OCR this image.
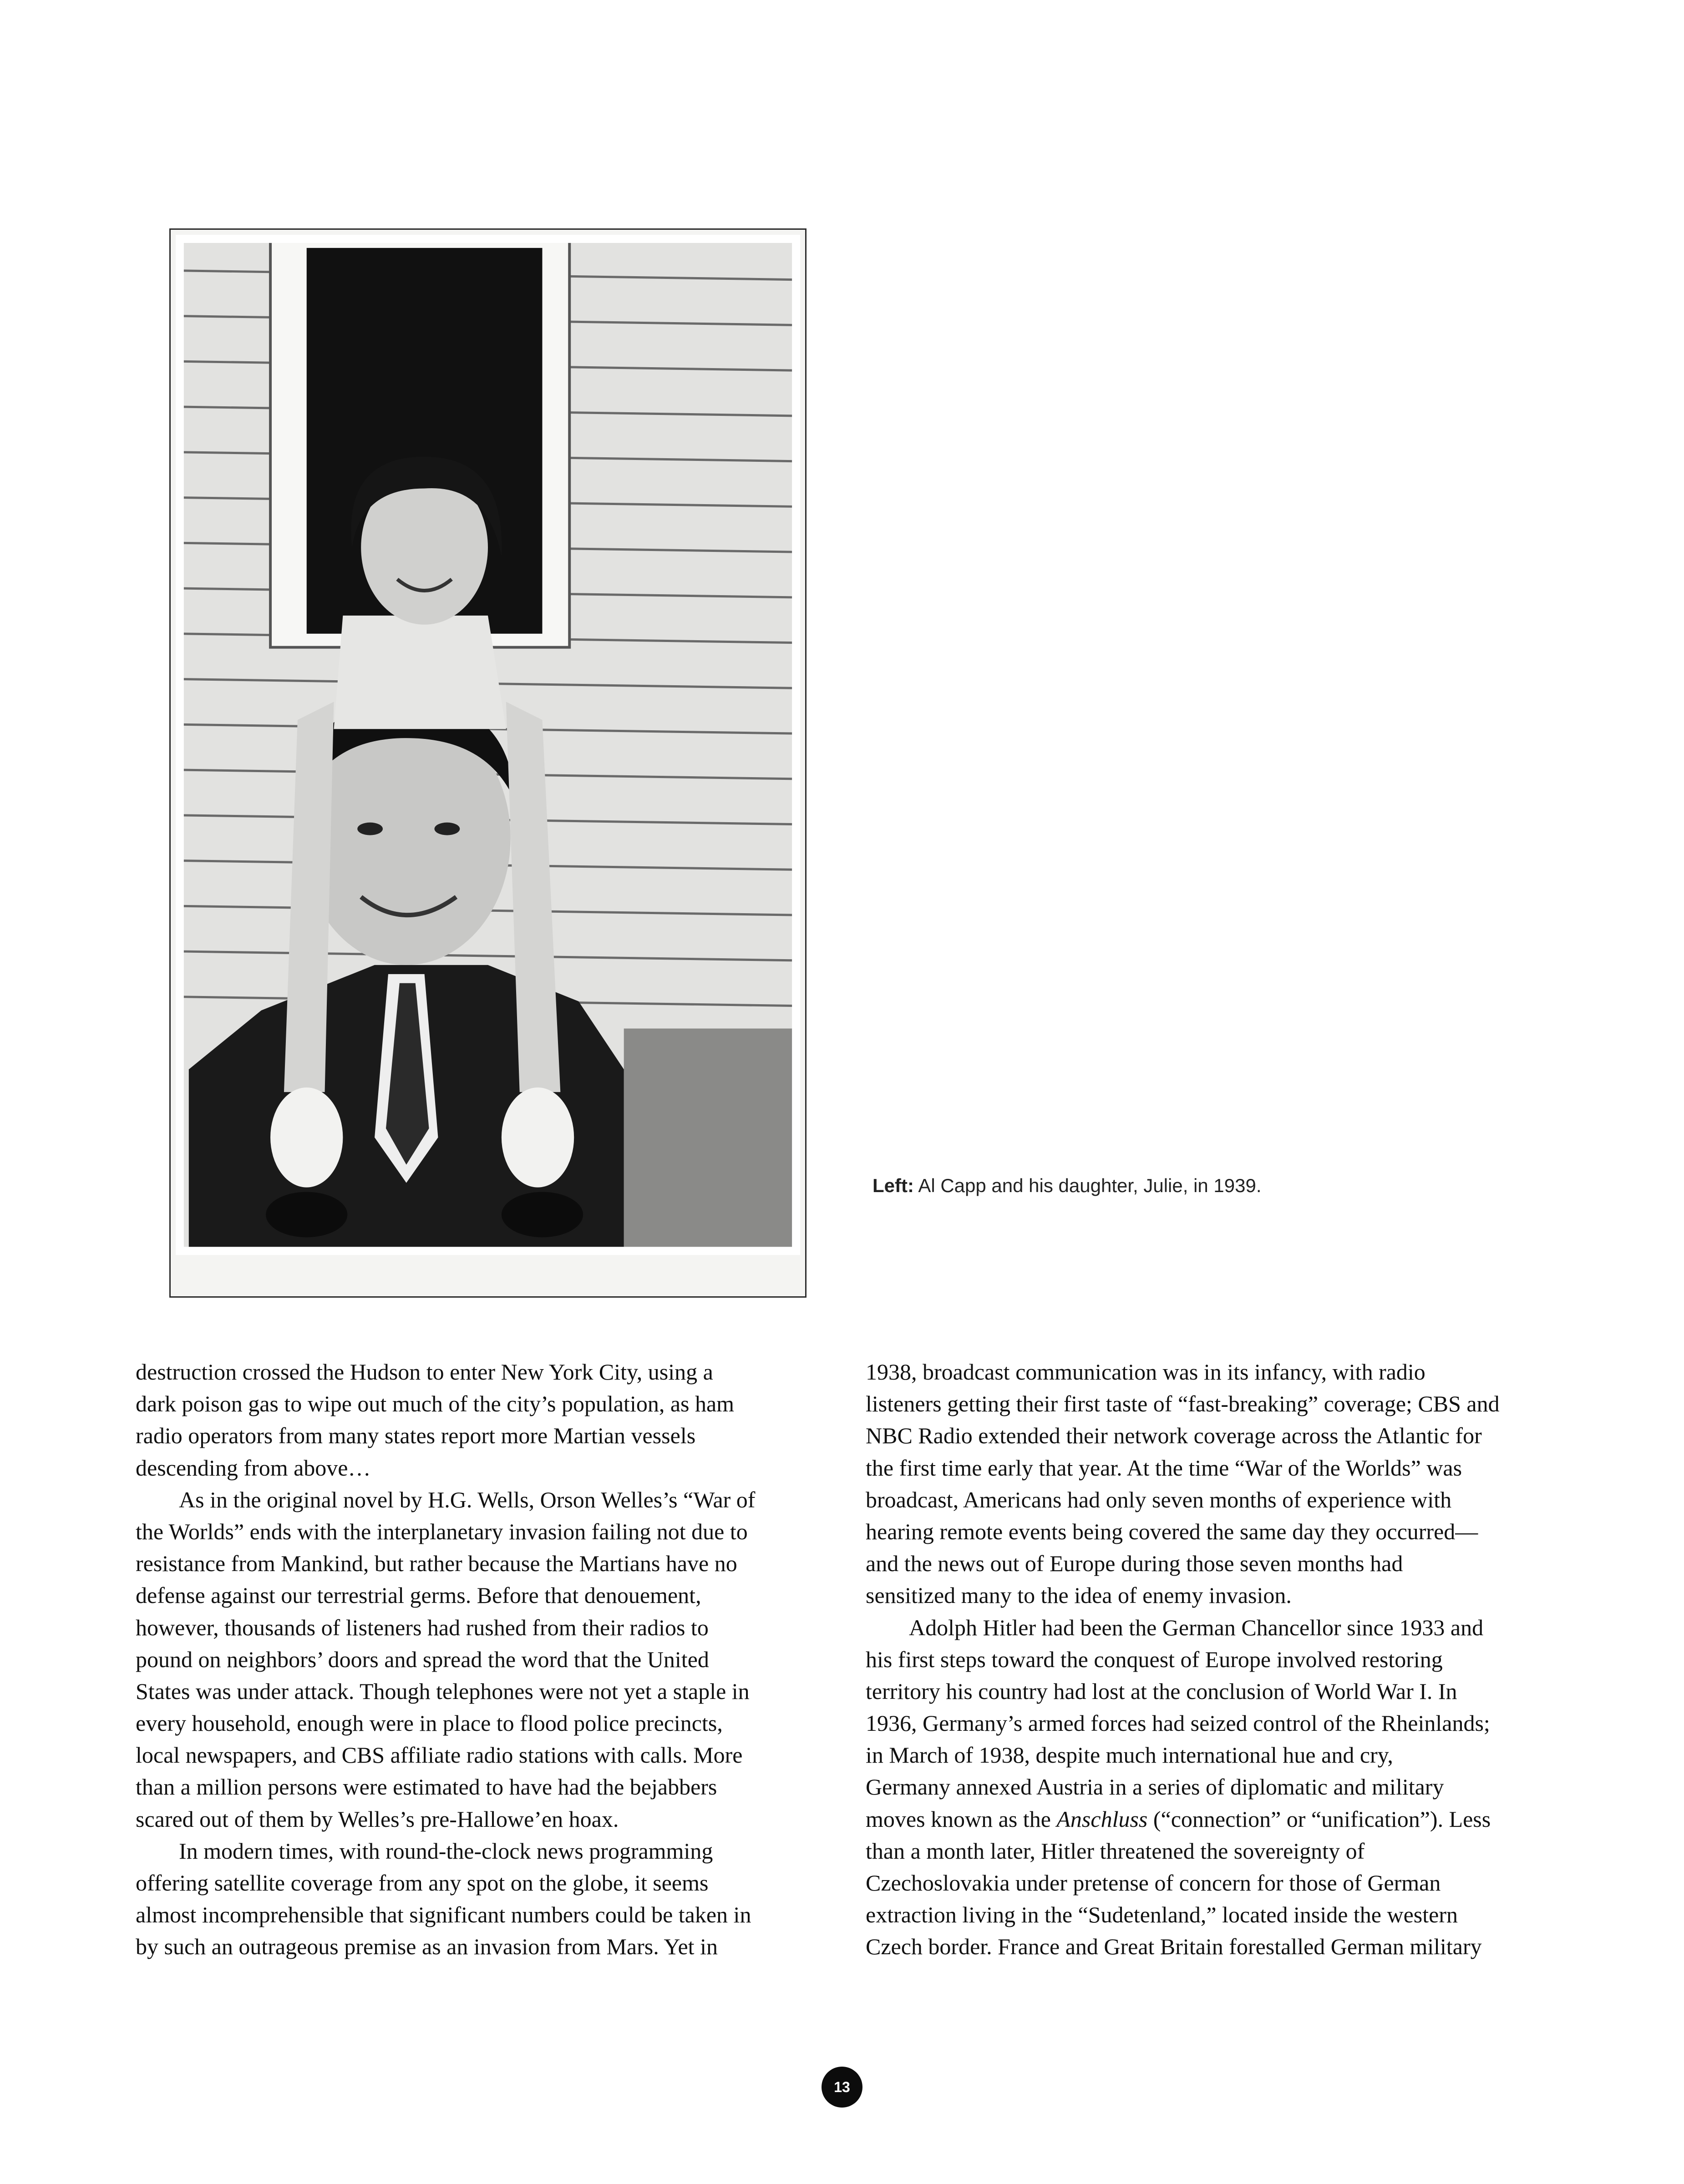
Left: Al Capp and his daughter, Julie, in 1939.
destruction crossed the Hudson to enter New York City, using a
dark poison gas to wipe out much of the city’s population, as ham
radio operators from many states report more Martian vessels
descending from above…
As in the original novel by H.G. Wells, Orson Welles’s “War of
the Worlds” ends with the interplanetary invasion failing not due to
resistance from Mankind, but rather because the Martians have no
defense against our terrestrial germs. Before that denouement,
however, thousands of listeners had rushed from their radios to
pound on neighbors’ doors and spread the word that the United
States was under attack. Though telephones were not yet a staple in
every household, enough were in place to flood police precincts,
local newspapers, and CBS affiliate radio stations with calls. More
than a million persons were estimated to have had the bejabbers
scared out of them by Welles’s pre-Hallowe’en hoax.
In modern times, with round-the-clock news programming
offering satellite coverage from any spot on the globe, it seems
almost incomprehensible that significant numbers could be taken in
by such an outrageous premise as an invasion from Mars. Yet in
1938, broadcast communication was in its infancy, with radio
listeners getting their first taste of “fast-breaking” coverage; CBS and
NBC Radio extended their network coverage across the Atlantic for
the first time early that year. At the time “War of the Worlds” was
broadcast, Americans had only seven months of experience with
hearing remote events being covered the same day they occurred—
and the news out of Europe during those seven months had
sensitized many to the idea of enemy invasion.
Adolph Hitler had been the German Chancellor since 1933 and
his first steps toward the conquest of Europe involved restoring
territory his country had lost at the conclusion of World War I. In
1936, Germany’s armed forces had seized control of the Rheinlands;
in March of 1938, despite much international hue and cry,
Germany annexed Austria in a series of diplomatic and military
moves known as the Anschluss (“connection” or “unification”). Less
than a month later, Hitler threatened the sovereignty of
Czechoslovakia under pretense of concern for those of German
extraction living in the “Sudetenland,” located inside the western
Czech border. France and Great Britain forestalled German military
13
